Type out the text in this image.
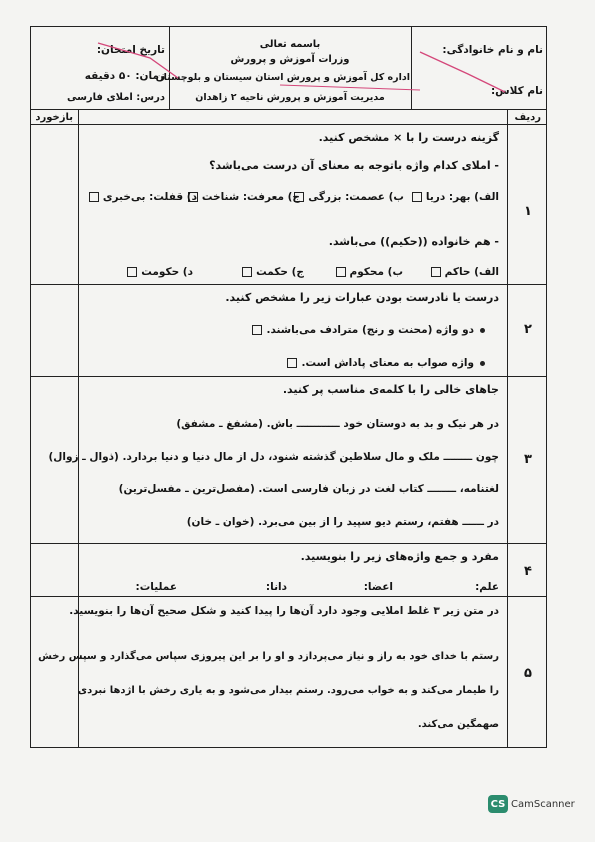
نام و نام خانوادگی:
نام کلاس:
باسمه تعالی
وزرات آموزش و پرورش
اداره کل آموزش و پرورش استان سیستان و بلوچستان
مدیریت آموزش و پرورش ناحیه ۲ زاهدان
تاریخ امتحان:
زمان: ۵۰ دقیقه
درس: املای فارسی
ردیف
بازخورد
۱
گزینه درست را با × مشخص کنید.
- املای کدام واژه باتوجه به معنای آن درست می‌باشد؟
الف) بهر: دریا
ب) عصمت: بزرگی
ج) معرفت: شناخت
د) قفلت: بی‌خبری
- هم خانواده ((حکیم)) می‌باشد.
الف) حاکم
ب) محکوم
ج) حکمت
د) حکومت
۲
درست یا نادرست بودن عبارات زیر را مشخص کنید.
دو واژه (محنت و رنج) مترادف می‌باشند.
واژه صواب به معنای پاداش است.
۳
جاهای خالی را با کلمه‌ی مناسب پر کنید.
در هر نیک و بد به دوستان خود ــــــــــــ باش. (مشفغ ـ مشفق)
چون ــــــــ ملک و مال سلاطین گذشته شنود، دل از مال دنیا و دنیا بردارد. (ذوال ـ زوال)
لغتنامه، ــــــــ کتاب لغت در زبان فارسی است. (مفصل‌ترین ـ مفسل‌ترین)
در ــــــ هفتم، رستم دیو سپید را از بین می‌برد. (خوان ـ خان)
۴
مفرد و جمع واژه‌های زیر را بنویسید.
علم:
اعضا:
دانا:
عملیات:
۵
در متن زیر ۳ غلط املایی وجود دارد آن‌ها را پیدا کنید و شکل صحیح آن‌ها را بنویسید.
رستم با خدای خود به راز و نیاز می‌پردازد و او را بر این پیروزی سپاس می‌گذارد و سپس رخش
را طیمار می‌کند و به خواب می‌رود. رستم بیدار می‌شود و به یاری رخش با اژدها نبردی
صهمگین می‌کند.
CS CamScanner
